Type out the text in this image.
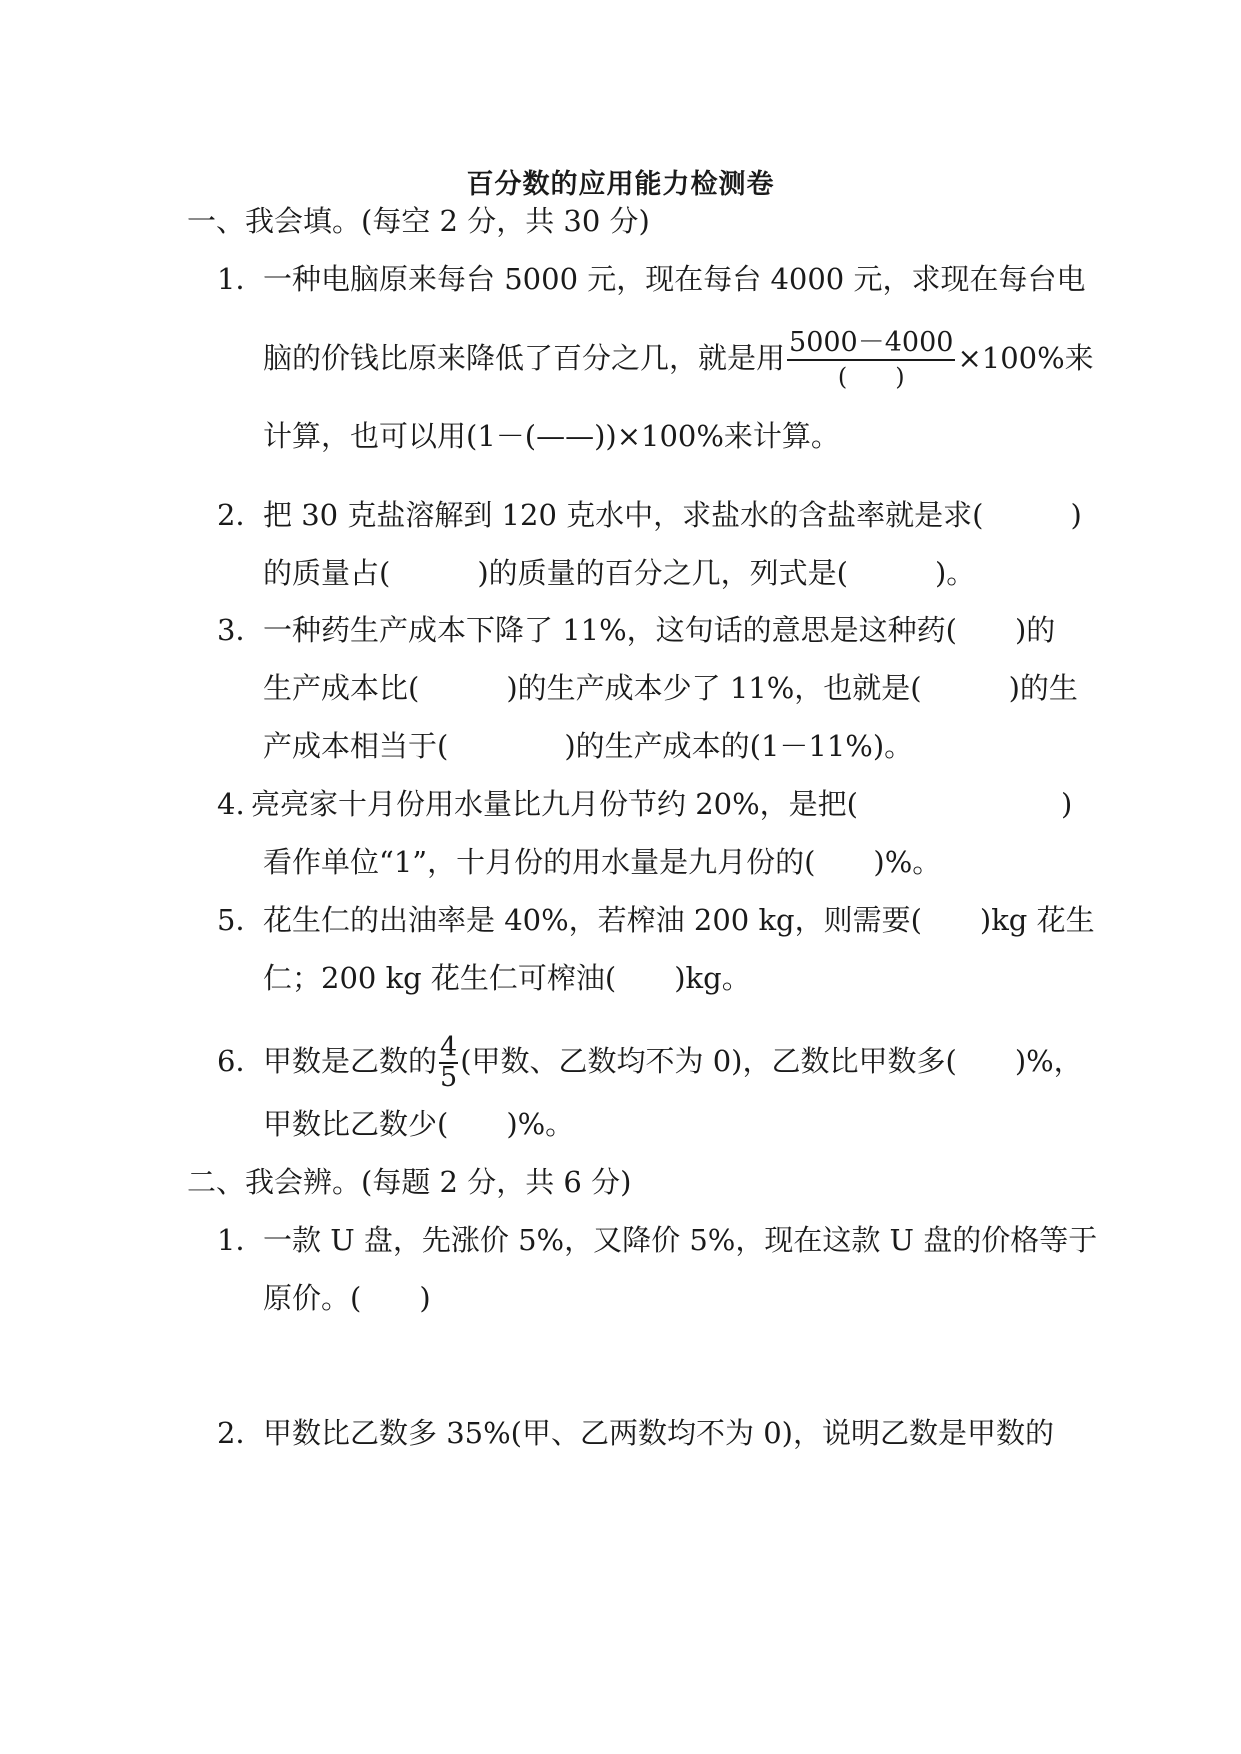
百分数的应用能力检测卷
一、我会填。(每空 2 分，共 30 分)
1．一种电脑原来每台 5000 元，现在每台 4000 元，求现在每台电
脑的价钱比原来降低了百分之几，就是用 $\frac{5000-4000}{( )} \times 100\%$来
计算，也可以用(1－(——))×100%来计算。
2．把 30 克盐溶解到 120 克水中，求盐水的含盐率就是求(　　　)
的质量占(　　　)的质量的百分之几，列式是(　　　)。
3．一种药生产成本下降了 11%，这句话的意思是这种药(　　)的
生产成本比(　　　)的生产成本少了 11%，也就是(　　　)的生
产成本相当于(　　　　)的生产成本的(1－11%)。
4. 亮亮家十月份用水量比九月份节约 20%，是把(　　　　　　　)
看作单位“1”，十月份的用水量是九月份的(　　)%。
5．花生仁的出油率是 40%，若榨油 200 kg，则需要(　　)kg 花生
仁；200 kg 花生仁可榨油(　　)kg。
6．甲数是乙数的 $\frac{4}{5}$ (甲数、乙数均不为 0)，乙数比甲数多(　　)%，
甲数比乙数少(　　)%。
二、我会辨。(每题 2 分，共 6 分)
1．一款 U 盘，先涨价 5%，又降价 5%，现在这款 U 盘的价格等于
原价。(　　)
2．甲数比乙数多 35%(甲、乙两数均不为 0)，说明乙数是甲数的
